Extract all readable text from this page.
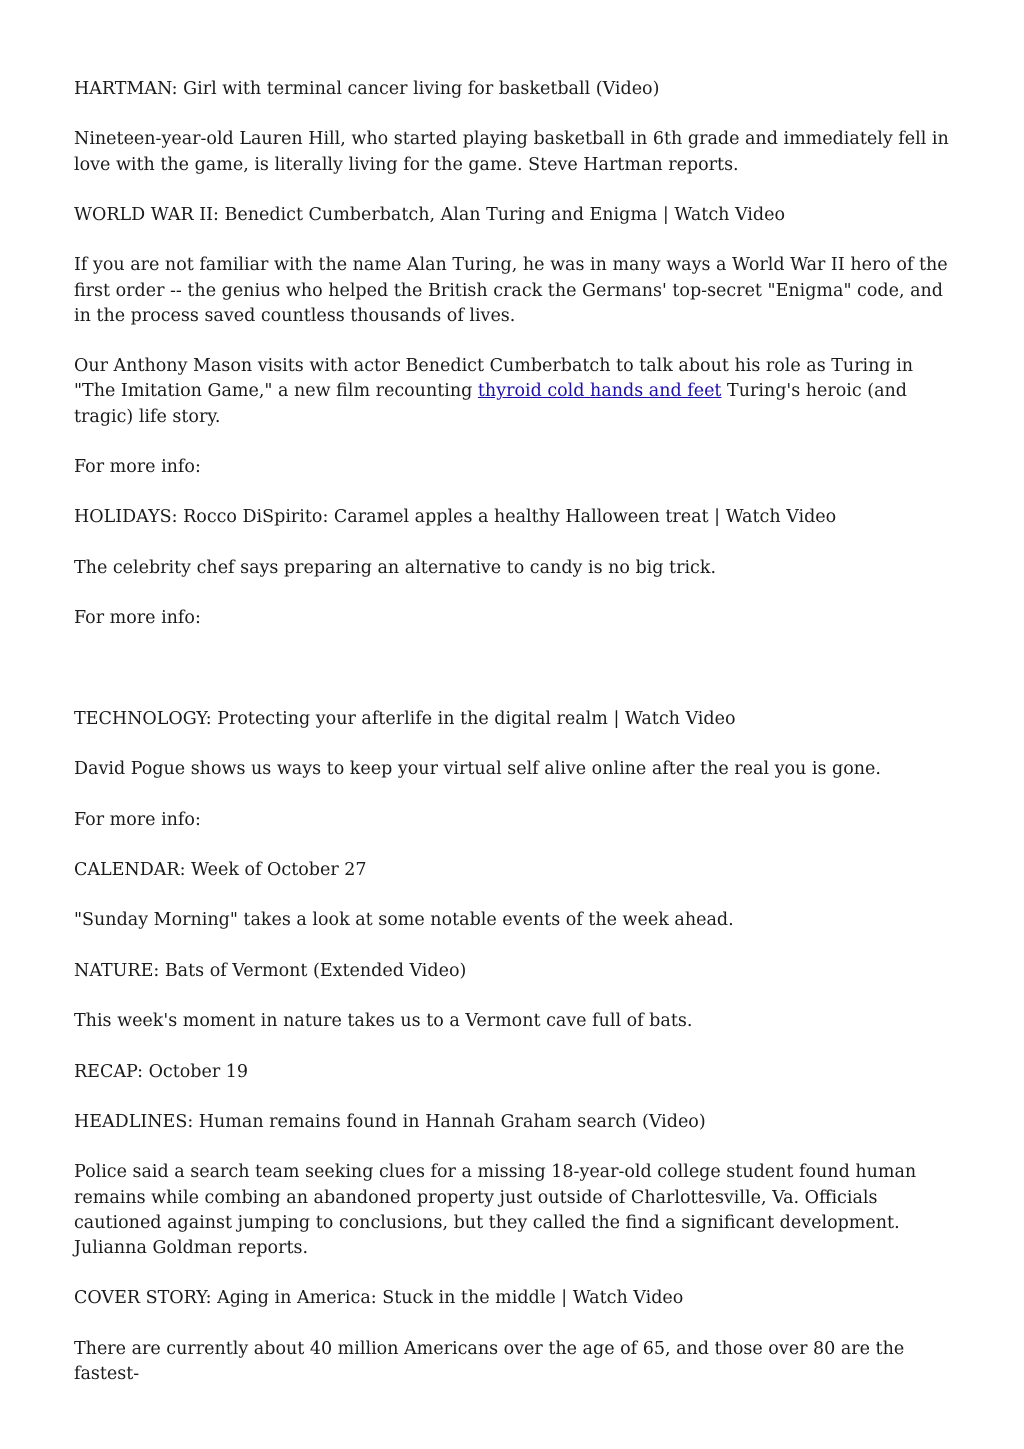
HARTMAN: Girl with terminal cancer living for basketball (Video)

Nineteen-year-old Lauren Hill, who started playing basketball in 6th grade and immediately fell in love with the game, is literally living for the game. Steve Hartman reports.

WORLD WAR II: Benedict Cumberbatch, Alan Turing and Enigma | Watch Video

If you are not familiar with the name Alan Turing, he was in many ways a World War II hero of the first order -- the genius who helped the British crack the Germans' top-secret "Enigma" code, and in the process saved countless thousands of lives.

Our Anthony Mason visits with actor Benedict Cumberbatch to talk about his role as Turing in "The Imitation Game," a new film recounting thyroid cold hands and feet Turing's heroic (and tragic) life story.

For more info:

HOLIDAYS: Rocco DiSpirito: Caramel apples a healthy Halloween treat | Watch Video

The celebrity chef says preparing an alternative to candy is no big trick.

For more info:

TECHNOLOGY: Protecting your afterlife in the digital realm | Watch Video

David Pogue shows us ways to keep your virtual self alive online after the real you is gone.

For more info:

CALENDAR: Week of October 27

"Sunday Morning" takes a look at some notable events of the week ahead.

NATURE: Bats of Vermont (Extended Video)

This week's moment in nature takes us to a Vermont cave full of bats.

RECAP: October 19

HEADLINES: Human remains found in Hannah Graham search (Video)

Police said a search team seeking clues for a missing 18-year-old college student found human remains while combing an abandoned property just outside of Charlottesville, Va. Officials cautioned against jumping to conclusions, but they called the find a significant development. Julianna Goldman reports.

COVER STORY: Aging in America: Stuck in the middle | Watch Video

There are currently about 40 million Americans over the age of 65, and those over 80 are the fastest-
